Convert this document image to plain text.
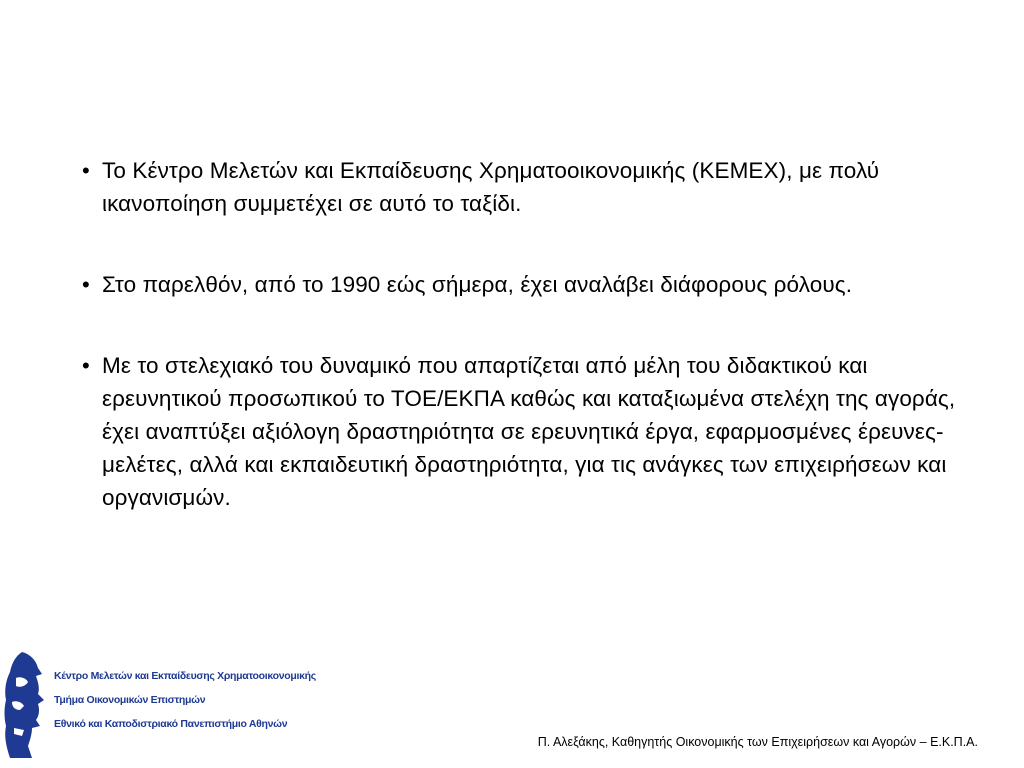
• Το Κέντρο Μελετών και Εκπαίδευσης Χρηματοοικονομικής (ΚΕΜΕΧ), με πολύ ικανοποίηση συμμετέχει σε αυτό το ταξίδι.
• Στο παρελθόν, από το 1990 εώς σήμερα, έχει αναλάβει διάφορους ρόλους.
• Με το στελεχιακό του δυναμικό που απαρτίζεται από μέλη του διδακτικού και ερευνητικού προσωπικού το ΤΟΕ/ΕΚΠΑ καθώς και καταξιωμένα στελέχη της αγοράς, έχει αναπτύξει αξιόλογη δραστηριότητα σε ερευνητικά έργα, εφαρμοσμένες έρευνες-μελέτες, αλλά και εκπαιδευτική δραστηριότητα, για τις ανάγκες των επιχειρήσεων και οργανισμών.
Κέντρο Μελετών και Εκπαίδευσης Χρηματοοικονομικής
Τμήμα Οικονομικών Επιστημών
Εθνικό και Καποδιστριακό Πανεπιστήμιο Αθηνών
Π. Αλεξάκης, Καθηγητής Οικονομικής των Επιχειρήσεων και Αγορών – Ε.Κ.Π.Α.
